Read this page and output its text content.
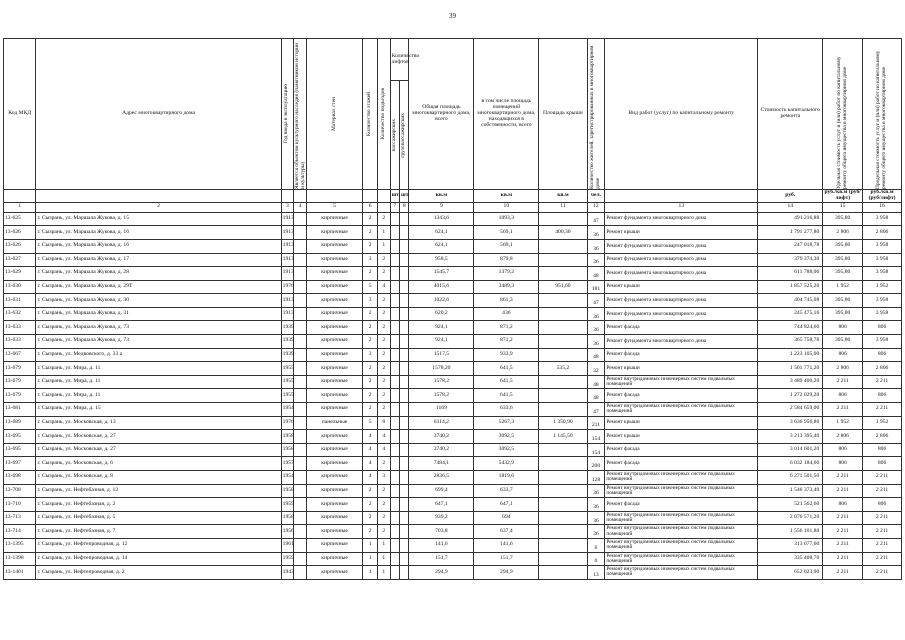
39
Код МКД	Адрес многоквартирного дома	Год ввода в эксплуатацию	Является объектом культурного наследия (памятником истории и культуры)	Материал стен	Количество этажей	Количество подъездов	Количество лифтов		Общая площадь многоквартирного дома, всего	в том числе площадь помещений многоквартирного дома, находящихся в собственности, всего	Площадь крыши	Количество жителей, зарегистрированных в многоквартирном доме	Вид работ (услуг) по капитальному ремонту	Стоимость капитального ремонта	Удельная стоимость услуг и (или) работ по капитальному ремонту общего имущества в многоквартирном доме	Предельная стоимость услуг и (или) работ по капитальному ремонту общего имущества в многоквартирном доме

							пассажирских	грузопассажирских								

							шт.	шт.	кв.м	кв.м	кв.м	чел.		руб.	руб./кв.м (руб/лифт)	руб./кв.м (руб/лифт)
1	2	3	4	5	6		7	8	9	10	11	12	13	14	15	16
13-625	г. Сызрань, ул. Маршала Жукова, д. 15	1913		кирпичные	2	2			1343,6	1093,3		47	Ремонт фундамента многоквартирного дома	491 216,88	395,80	3 958
13-626	г. Сызрань, ул. Маршала Жукова, д. 16	1913		кирпичные	2	1			624,1	569,1	400,30	36	Ремонт крыши	1 791 277,80	2 806	2 806
13-626	г. Сызрань, ул. Маршала Жукова, д. 16	1913		кирпичные	2	1			624,1	569,1		36	Ремонт фундамента многоквартирного дома	247 018,78	395,80	3 958
13-627	г. Сызрань, ул. Маршала Жукова, д. 17	1913		кирпичные	3	2			958,5	879,8		36	Ремонт фундамента многоквартирного дома	379 374,30	395,80	3 958
13-629	г. Сызрань, ул. Маршала Жукова, д. 28	1913		кирпичные	2	2			1545,7	1379,2		48	Ремонт фундамента многоквартирного дома	611 788,06	395,80	3 958
13-630	г. Сызрань, ул. Маршала Жукова, д. 29Т	1976		кирпичные	5	4			4015,6	3489,3	951,60	181	Ремонт крыши	1 857 525,20	1 952	1 952
13-631	г. Сызрань, ул. Маршала Жукова, д. 30	1913		кирпичные	3	2			1022,6	861,3		47	Ремонт фундамента многоквартирного дома	404 745,08	395,80	3 958
13-632	г. Сызрань, ул. Маршала Жукова, д. 31	1913		кирпичные	2	2			620,2	436		36	Ремонт фундамента многоквартирного дома	245 475,16	395,80	3 958
13-633	г. Сызрань, ул. Маршала Жукова, д. 73	1939		кирпичные	2	2			924,1	871,2		36	Ремонт фасада	744 824,60	806	806
13-633	г. Сызрань, ул. Маршала Жукова, д. 73	1939		кирпичные	2	2			924,1	871,2		36	Ремонт фундамента многоквартирного дома	365 758,78	395,80	3 958
13-667	г. Сызрань, ул. Медвовского, д. 33 а	1939		кирпичные	3	2			1517,5	933,9		48	Ремонт фасада	1 223 105,00	806	806
13-679	г. Сызрань, ул. Мира, д. 11	1955		кирпичные	2	2			1578,20	641,5	535,2	32	Ремонт крыши	1 501 771,20	2 806	2 806
13-679	г. Сызрань, ул. Мира, д. 11	1955		кирпичные	2	2			1578,2	641,5		48	Ремонт внутридомовых инженерных систем подвальных помещений	3 489 400,20	2 211	2 211
13-679	г. Сызрань, ул. Мира, д. 11	1955		кирпичные	2	2			1578,2	641,5		48	Ремонт фасада	1 272 029,20	806	806
13-681	г. Сызрань, ул. Мира, д. 15	1954		кирпичные	2	2			1169	633,6		47	Ремонт внутридомовых инженерных систем подвальных помещений	2 584 659,00	2 211	2 211
13-689	г. Сызрань, ул. Московская, д. 13	1976		панельные	5	8			6114,2	5267,3	1 350,90	211	Ремонт крыши	3 636 956,80	1 952	1 952
13-695	г. Сызрань, ул. Московская, д. 27	1958		кирпичные	4	4			3740,2	3092,5	1 145,50	154	Ремонт крыши	3 213 395,40	2 806	2 806
13-695	г. Сызрань, ул. Московская, д. 27	1958		кирпичные	4	4			3740,2	3092,5		154	Ремонт фасада	3 014 601,20	806	806
13-697	г. Сызрань, ул. Московская, д. 6	1957		кирпичные	4	2			7484,1	5432,9		200	Ремонт фасада	6 032 184,60	806	806
13-698	г. Сызрань, ул. Московская, д. 8	1954		кирпичные	4	3			2836,5	1819,6		128	Ремонт внутридомовых инженерных систем подвальных помещений	6 271 501,50	2 211	2 211
13-708	г. Сызрань, ул. Нефтебазная, д. 12	1958		кирпичные	2	2			699,4	633,7		36	Ремонт внутридомовых инженерных систем подвальных помещений	1 546 373,40	2 211	2 211
13-710	г. Сызрань, ул. Нефтебазная, д. 2	1959		кирпичные	2	2			647,1	647,1		36	Ремонт фасада	521 562,60	806	806
13-713	г. Сызрань, ул. Нефтебазная, д. 5	1958		кирпичные	2	2			939,2	694		36	Ремонт внутридомовых инженерных систем подвальных помещений	2 076 571,20	2 211	2 211
13-714	г. Сызрань, ул. Нефтебазная, д. 7	1956		кирпичные	2	2			703,8	637,4		36	Ремонт внутридомовых инженерных систем подвальных помещений	1 556 101,80	2 211	2 211
13-1395	г. Сызрань, ул. Нефтепроводная, д. 12	1961		кирпичные	1	1			141,6	141,6		6	Ремонт внутридомовых инженерных систем подвальных помещений	313 077,60	2 211	2 211
13-1398	г. Сызрань, ул. Нефтепроводная, д. 14	1959		кирпичные	1	1			151,7	151,7		6	Ремонт внутридомовых инженерных систем подвальных помещений	335 408,70	2 211	2 211
13-1401	г. Сызрань, ул. Нефтепроводная, д. 2	1943		кирпичные	1	1			294,9	294,9		13	Ремонт внутридомовых инженерных систем подвальных помещений	652 023,90	2 211	2 211
